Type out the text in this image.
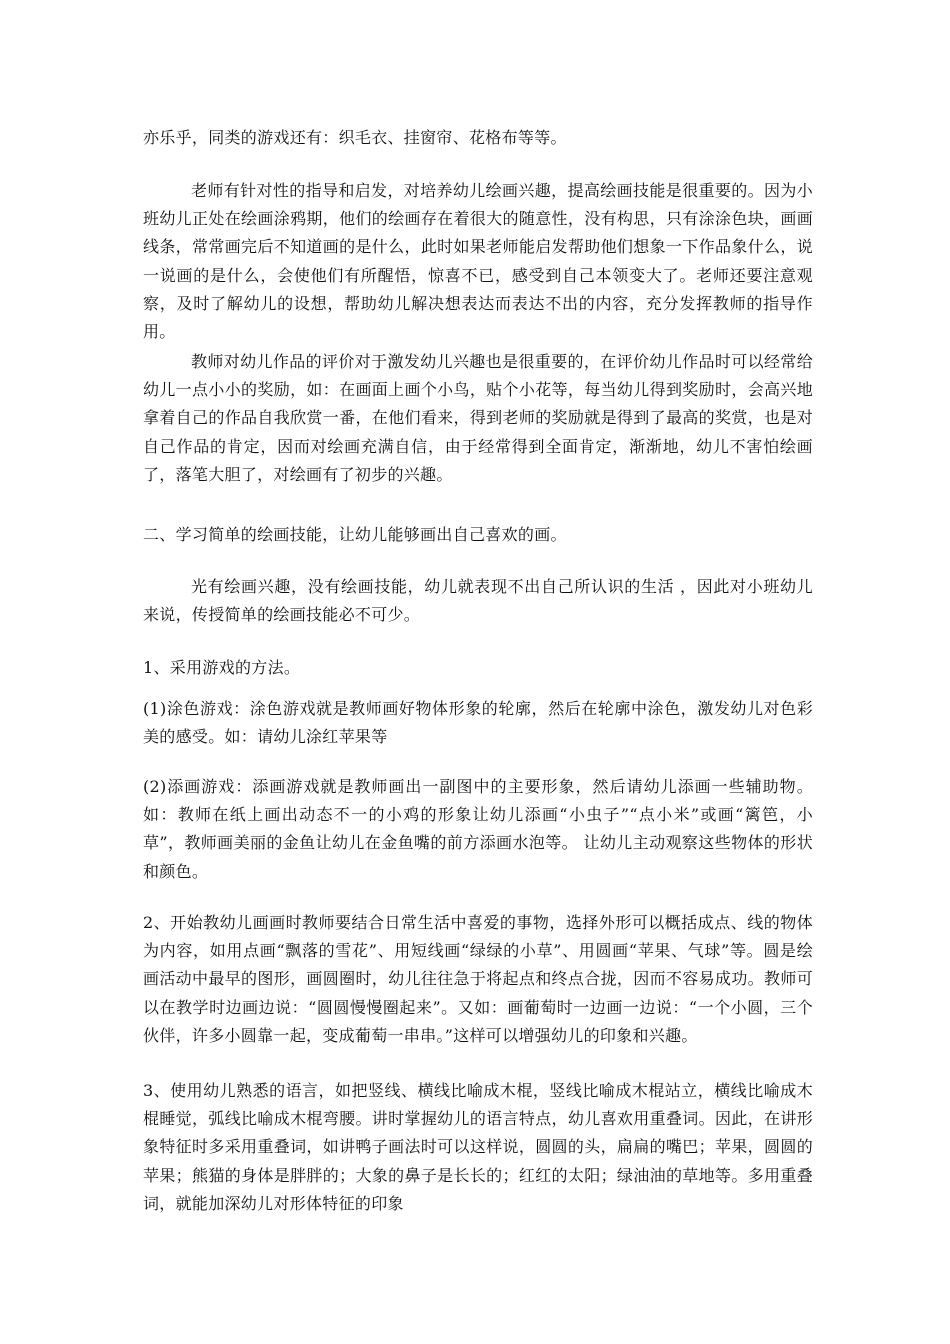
亦乐乎，同类的游戏还有：织毛衣、挂窗帘、花格布等等。

老师有针对性的指导和启发，对培养幼儿绘画兴趣，提高绘画技能是很重要的。因为小班幼儿正处在绘画涂鸦期，他们的绘画存在着很大的随意性，没有构思，只有涂涂色块，画画线条，常常画完后不知道画的是什么，此时如果老师能启发帮助他们想象一下作品象什么，说一说画的是什么，会使他们有所醒悟，惊喜不已，感受到自己本领变大了。老师还要注意观察，及时了解幼儿的设想，帮助幼儿解决想表达而表达不出的内容，充分发挥教师的指导作用。

教师对幼儿作品的评价对于激发幼儿兴趣也是很重要的，在评价幼儿作品时可以经常给幼儿一点小小的奖励，如：在画面上画个小鸟，贴个小花等，每当幼儿得到奖励时，会高兴地拿着自己的作品自我欣赏一番，在他们看来，得到老师的奖励就是得到了最高的奖赏，也是对自己作品的肯定，因而对绘画充满自信，由于经常得到全面肯定，渐渐地，幼儿不害怕绘画了，落笔大胆了，对绘画有了初步的兴趣。

二、学习简单的绘画技能，让幼儿能够画出自己喜欢的画。

光有绘画兴趣，没有绘画技能，幼儿就表现不出自己所认识的生活 ，因此对小班幼儿来说，传授简单的绘画技能必不可少。

1、采用游戏的方法。

(1)涂色游戏：涂色游戏就是教师画好物体形象的轮廓，然后在轮廓中涂色，激发幼儿对色彩美的感受。如：请幼儿涂红苹果等

(2)添画游戏：添画游戏就是教师画出一副图中的主要形象，然后请幼儿添画一些辅助物。如：教师在纸上画出动态不一的小鸡的形象让幼儿添画“小虫子”“点小米”或画“篱笆，小草”，教师画美丽的金鱼让幼儿在金鱼嘴的前方添画水泡等。 让幼儿主动观察这些物体的形状和颜色。

2、开始教幼儿画画时教师要结合日常生活中喜爱的事物，选择外形可以概括成点、线的物体为内容，如用点画“飘落的雪花”、用短线画“绿绿的小草”、用圆画“苹果、气球”等。圆是绘画活动中最早的图形，画圆圈时，幼儿往往急于将起点和终点合拢，因而不容易成功。教师可以在教学时边画边说：“圆圆慢慢圈起来”。又如：画葡萄时一边画一边说：“一个小圆，三个伙伴，许多小圆靠一起，变成葡萄一串串。”这样可以增强幼儿的印象和兴趣。

3、使用幼儿熟悉的语言，如把竖线、横线比喻成木棍，竖线比喻成木棍站立，横线比喻成木棍睡觉，弧线比喻成木棍弯腰。讲时掌握幼儿的语言特点，幼儿喜欢用重叠词。因此，在讲形象特征时多采用重叠词，如讲鸭子画法时可以这样说，圆圆的头，扁扁的嘴巴；苹果，圆圆的苹果；熊猫的身体是胖胖的；大象的鼻子是长长的；红红的太阳；绿油油的草地等。多用重叠词，就能加深幼儿对形体特征的印象
